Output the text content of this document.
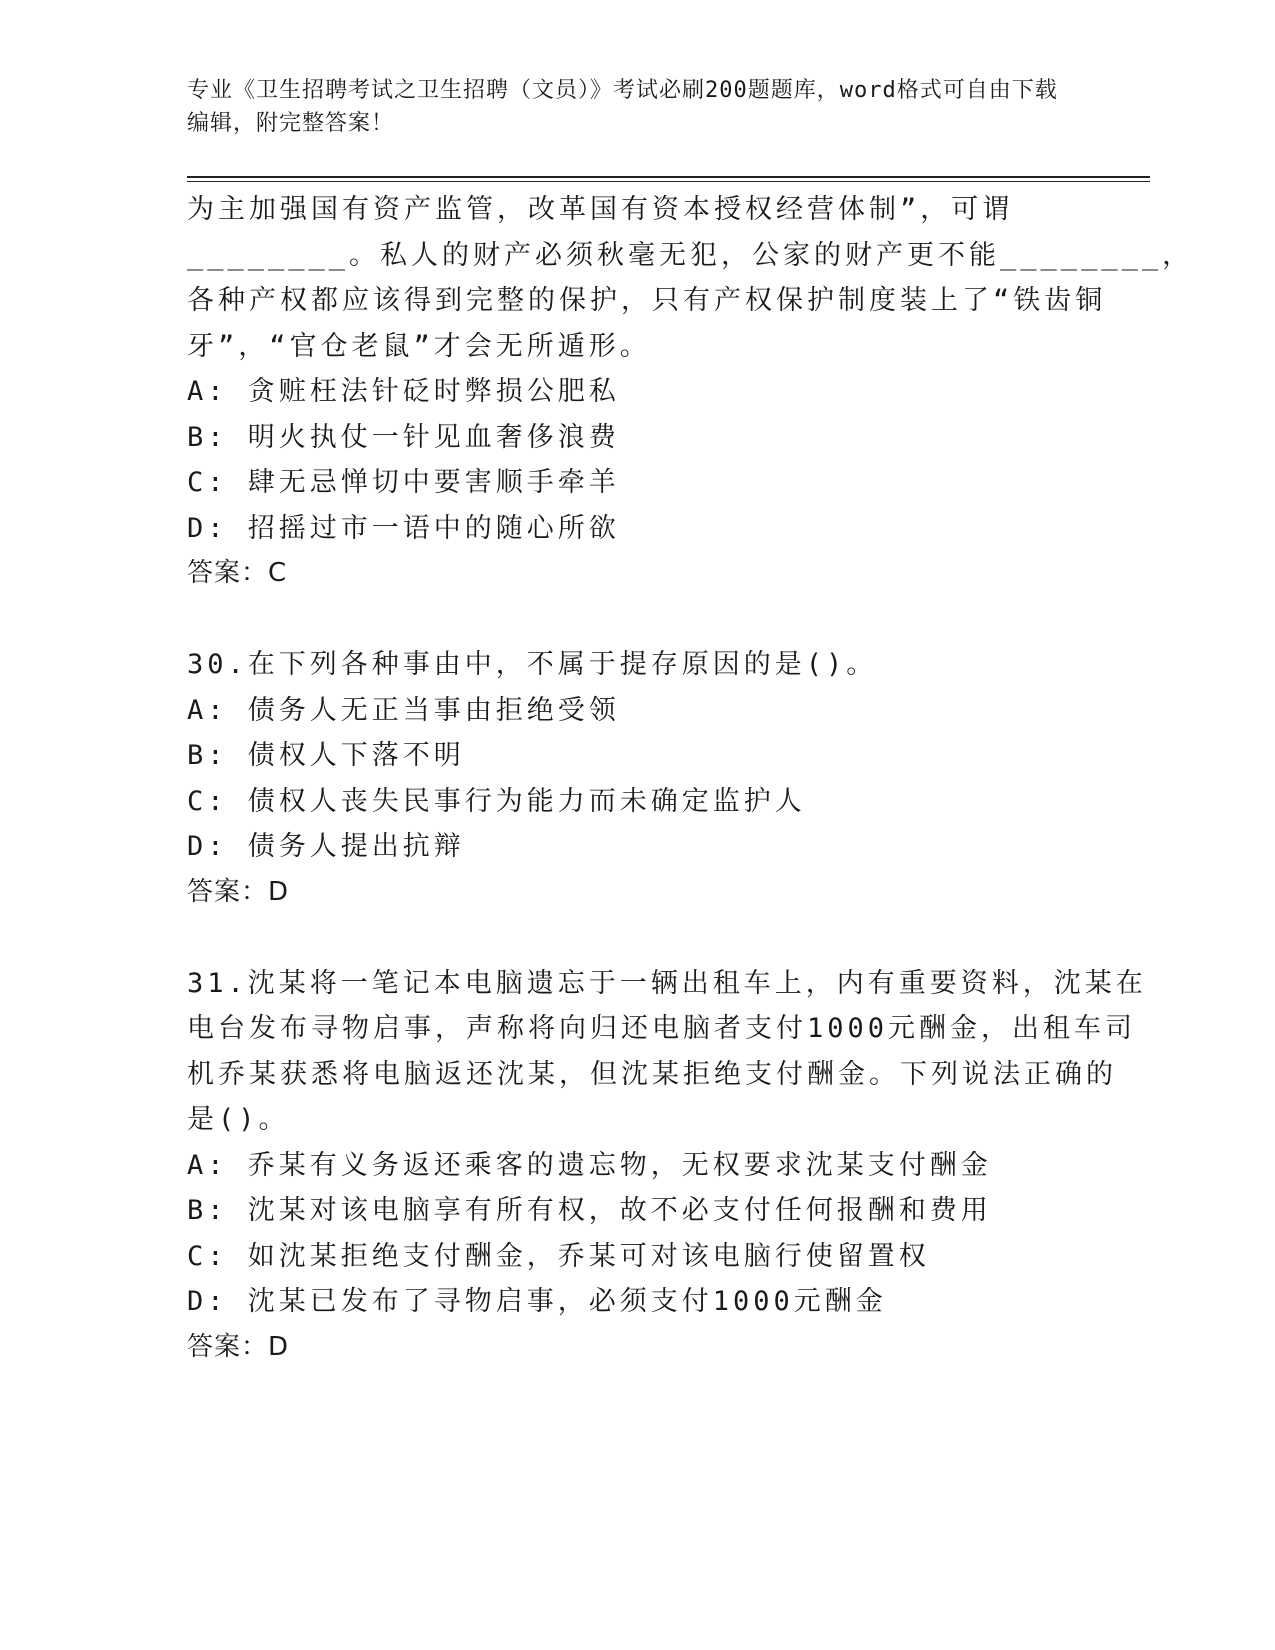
专业《卫生招聘考试之卫生招聘（文员）》考试必刷200题题库，word格式可自由下载编辑，附完整答案！
为主加强国有资产监管，改革国有资本授权经营体制”，可谓
________。私人的财产必须秋毫无犯，公家的财产更不能________，
各种产权都应该得到完整的保护，只有产权保护制度装上了“铁齿铜
牙”，“官仓老鼠”才会无所遁形。
A: 贪赃枉法针砭时弊损公肥私
B: 明火执仗一针见血奢侈浪费
C: 肆无忌惮切中要害顺手牵羊
D: 招摇过市一语中的随心所欲
答案：C
30.在下列各种事由中，不属于提存原因的是()。
A: 债务人无正当事由拒绝受领
B: 债权人下落不明
C: 债权人丧失民事行为能力而未确定监护人
D: 债务人提出抗辩
答案：D
31.沈某将一笔记本电脑遗忘于一辆出租车上，内有重要资料，沈某在
电台发布寻物启事，声称将向归还电脑者支付1000元酬金，出租车司
机乔某获悉将电脑返还沈某，但沈某拒绝支付酬金。下列说法正确的
是()。
A: 乔某有义务返还乘客的遗忘物，无权要求沈某支付酬金
B: 沈某对该电脑享有所有权，故不必支付任何报酬和费用
C: 如沈某拒绝支付酬金，乔某可对该电脑行使留置权
D: 沈某已发布了寻物启事，必须支付1000元酬金
答案：D
